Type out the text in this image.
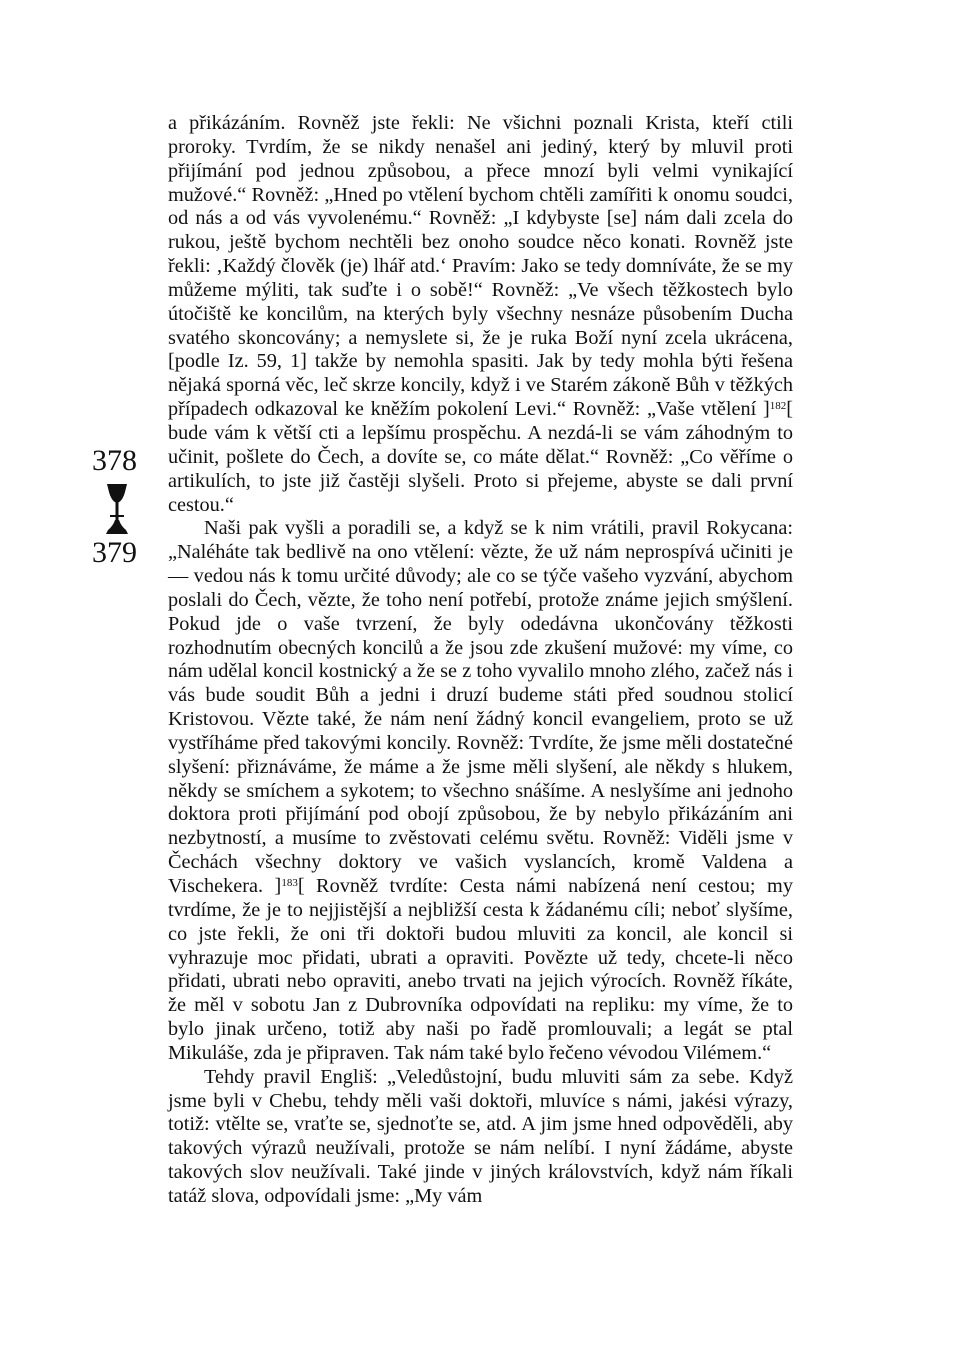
378
379

a přikázáním. Rovněž jste řekli: Ne všichni poznali Krista, kteří ctili proroky. Tvrdím, že se nikdy nenašel ani jediný, který by mluvil proti přijímání pod jednou způsobou, a přece mnozí byli velmi vynikající mužové.“ Rovněž: „Hned po vtělení bychom chtěli zamířiti k onomu soudci, od nás a od vás vyvolenému.“ Rovněž: „I kdybyste [se] nám dali zcela do rukou, ještě bychom nechtěli bez onoho soudce něco konati. Rovněž jste řekli: ‚Každý člověk (je) lhář atd.‘ Pravím: Jako se tedy domníváte, že se my můžeme mýliti, tak suďte i o sobě!“ Rovněž: „Ve všech těžkostech bylo útočiště ke koncilům, na kterých byly všechny nesnáze působením Ducha svatého skoncovány; a nemyslete si, že je ruka Boží nyní zcela ukrácena, [podle Iz. 59, 1] takže by nemohla spasiti. Jak by tedy mohla býti řešena nějaká sporná věc, leč skrze koncily, když i ve Starém zákoně Bůh v těžkých případech odkazoval ke kněžím pokolení Levi.“ Rovněž: „Vaše vtělení ]$^{182}$[ bude vám k větší cti a lepšímu prospěchu. A nezdá-li se vám záhodným to učinit, pošlete do Čech, a dovíte se, co máte dělat.“ Rovněž: „Co věříme o artikulích, to jste již častěji slyšeli. Proto si přejeme, abyste se dali první cestou.“

Naši pak vyšli a poradili se, a když se k nim vrátili, pravil Rokycana: „Naléháte tak bedlivě na ono vtělení: vězte, že už nám neprospívá učiniti je — vedou nás k tomu určité důvody; ale co se týče vašeho vyzvání, abychom poslali do Čech, vězte, že toho není potřebí, protože známe jejich smýšlení. Pokud jde o vaše tvrzení, že byly odedávna ukončovány těžkosti rozhodnutím obecných koncilů a že jsou zde zkušení mužové: my víme, co nám udělal koncil kostnický a že se z toho vyvalilo mnoho zlého, začež nás i vás bude soudit Bůh a jedni i druzí budeme státi před soudnou stolicí Kristovou. Vězte také, že nám není žádný koncil evangeliem, proto se už vystříháme před takovými koncily. Rovněž: Tvrdíte, že jsme měli dostatečné slyšení: přiznáváme, že máme a že jsme měli slyšení, ale někdy s hlukem, někdy se smíchem a sykotem; to všechno snášíme. A neslyšíme ani jednoho doktora proti přijímání pod obojí způsobou, že by nebylo přikázáním ani nezbytností, a musíme to zvěstovati celému světu. Rovněž: Viděli jsme v Čechách všechny doktory ve vašich vyslancích, kromě Valdena a Vischekera. ]$^{183}$[ Rovněž tvrdíte: Cesta námi nabízená není cestou; my tvrdíme, že je to nejjistější a nejbližší cesta k žádanému cíli; neboť slyšíme, co jste řekli, že oni tři doktoři budou mluviti za koncil, ale koncil si vyhrazuje moc přidati, ubrati a opraviti. Povězte už tedy, chcete-li něco přidati, ubrati nebo opraviti, anebo trvati na jejich výrocích. Rovněž říkáte, že měl v sobotu Jan z Dubrovníka odpovídati na repliku: my víme, že to bylo jinak určeno, totiž aby naši po řadě promlouvali; a legát se ptal Mikuláše, zda je připraven. Tak nám také bylo řečeno vévodou Vilémem.“

Tehdy pravil Engliš: „Veledůstojní, budu mluviti sám za sebe. Když jsme byli v Chebu, tehdy měli vaši doktoři, mluvíce s námi, jakési výrazy, totiž: vtělte se, vraťte se, sjednoťte se, atd. A jim jsme hned odpověděli, aby takových výrazů neužívali, protože se nám nelíbí. I nyní žádáme, abyste takových slov neužívali. Také jinde v jiných královstvích, když nám říkali tatáž slova, odpovídali jsme: „My vám
